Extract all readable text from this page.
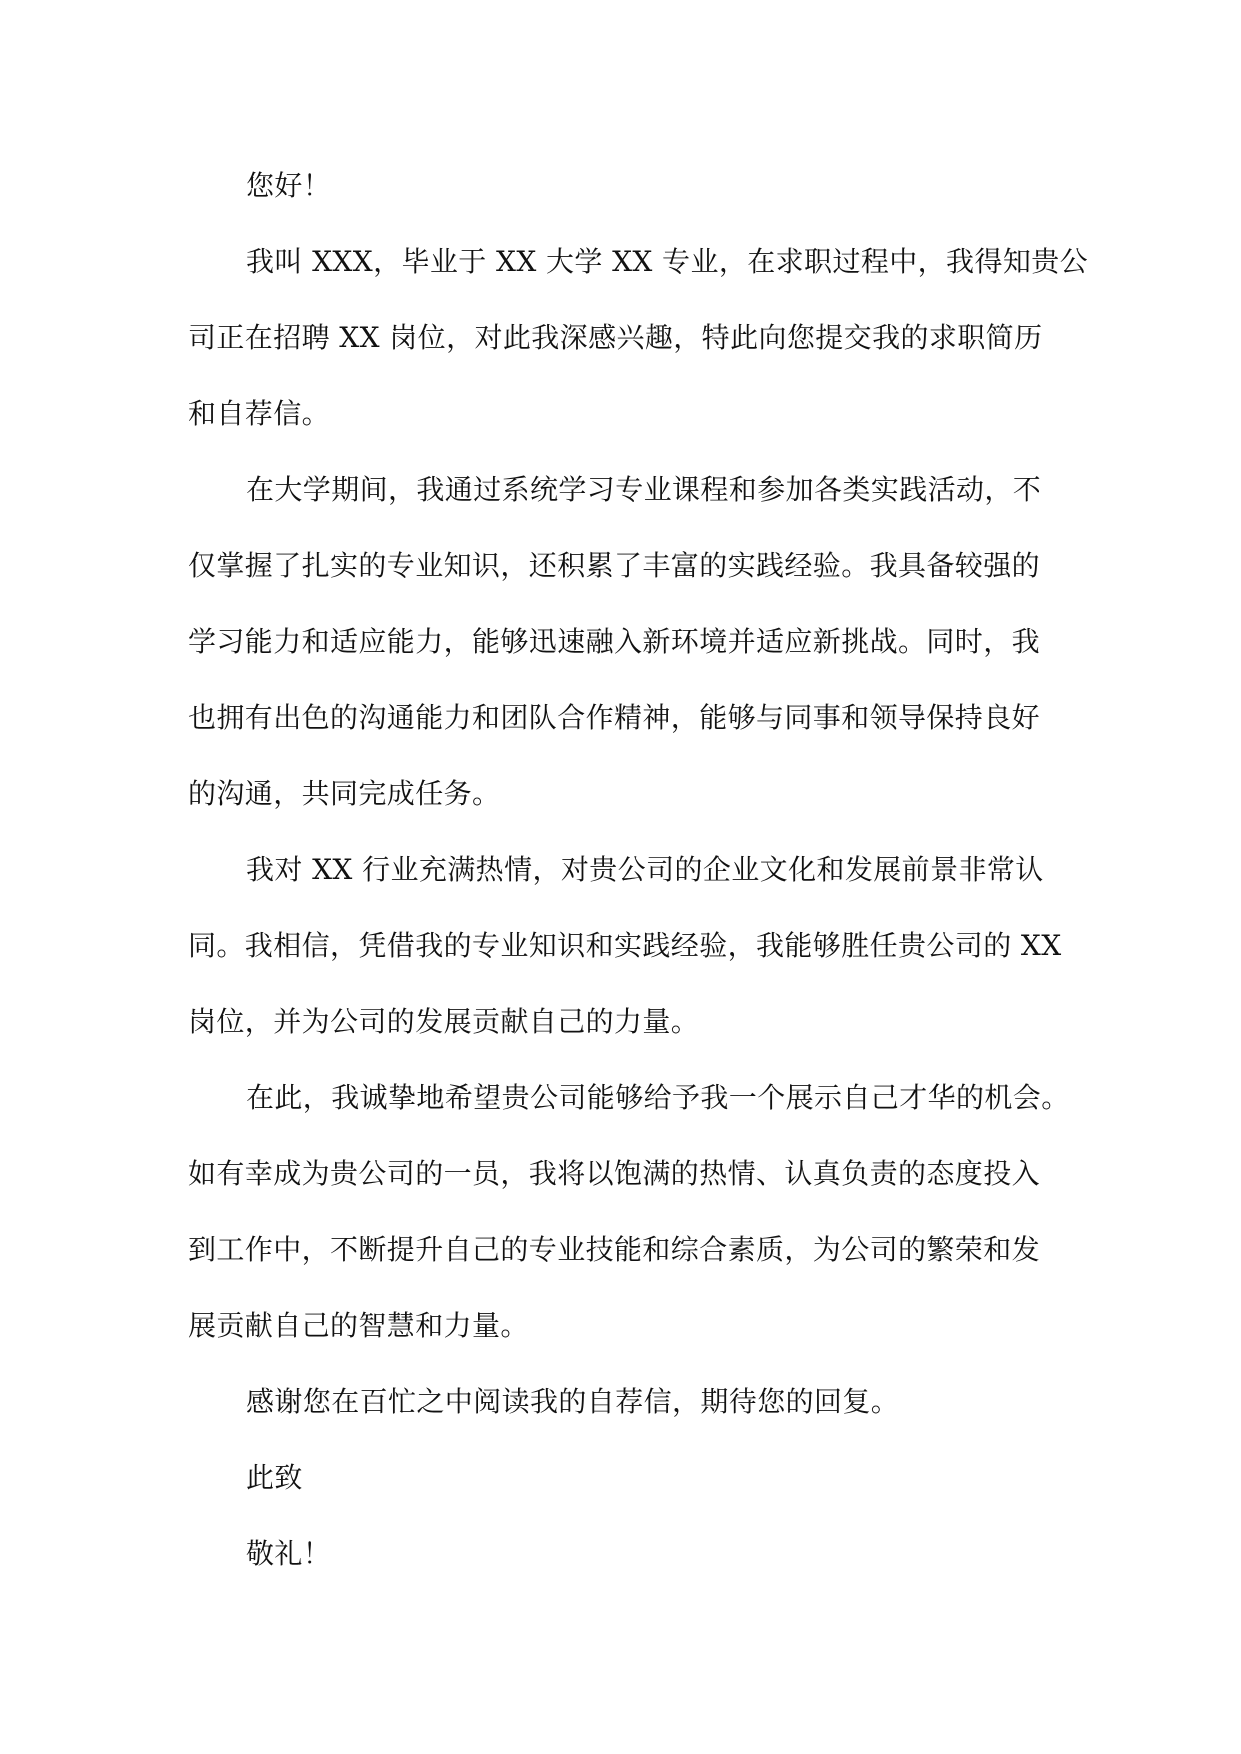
您好！
我叫 XXX，毕业于 XX 大学 XX 专业，在求职过程中，我得知贵公
司正在招聘 XX 岗位，对此我深感兴趣，特此向您提交我的求职简历
和自荐信。
在大学期间，我通过系统学习专业课程和参加各类实践活动，不
仅掌握了扎实的专业知识，还积累了丰富的实践经验。我具备较强的
学习能力和适应能力，能够迅速融入新环境并适应新挑战。同时，我
也拥有出色的沟通能力和团队合作精神，能够与同事和领导保持良好
的沟通，共同完成任务。
我对 XX 行业充满热情，对贵公司的企业文化和发展前景非常认
同。我相信，凭借我的专业知识和实践经验，我能够胜任贵公司的 XX
岗位，并为公司的发展贡献自己的力量。
在此，我诚挚地希望贵公司能够给予我一个展示自己才华的机会。
如有幸成为贵公司的一员，我将以饱满的热情、认真负责的态度投入
到工作中，不断提升自己的专业技能和综合素质，为公司的繁荣和发
展贡献自己的智慧和力量。
感谢您在百忙之中阅读我的自荐信，期待您的回复。
此致
敬礼！
